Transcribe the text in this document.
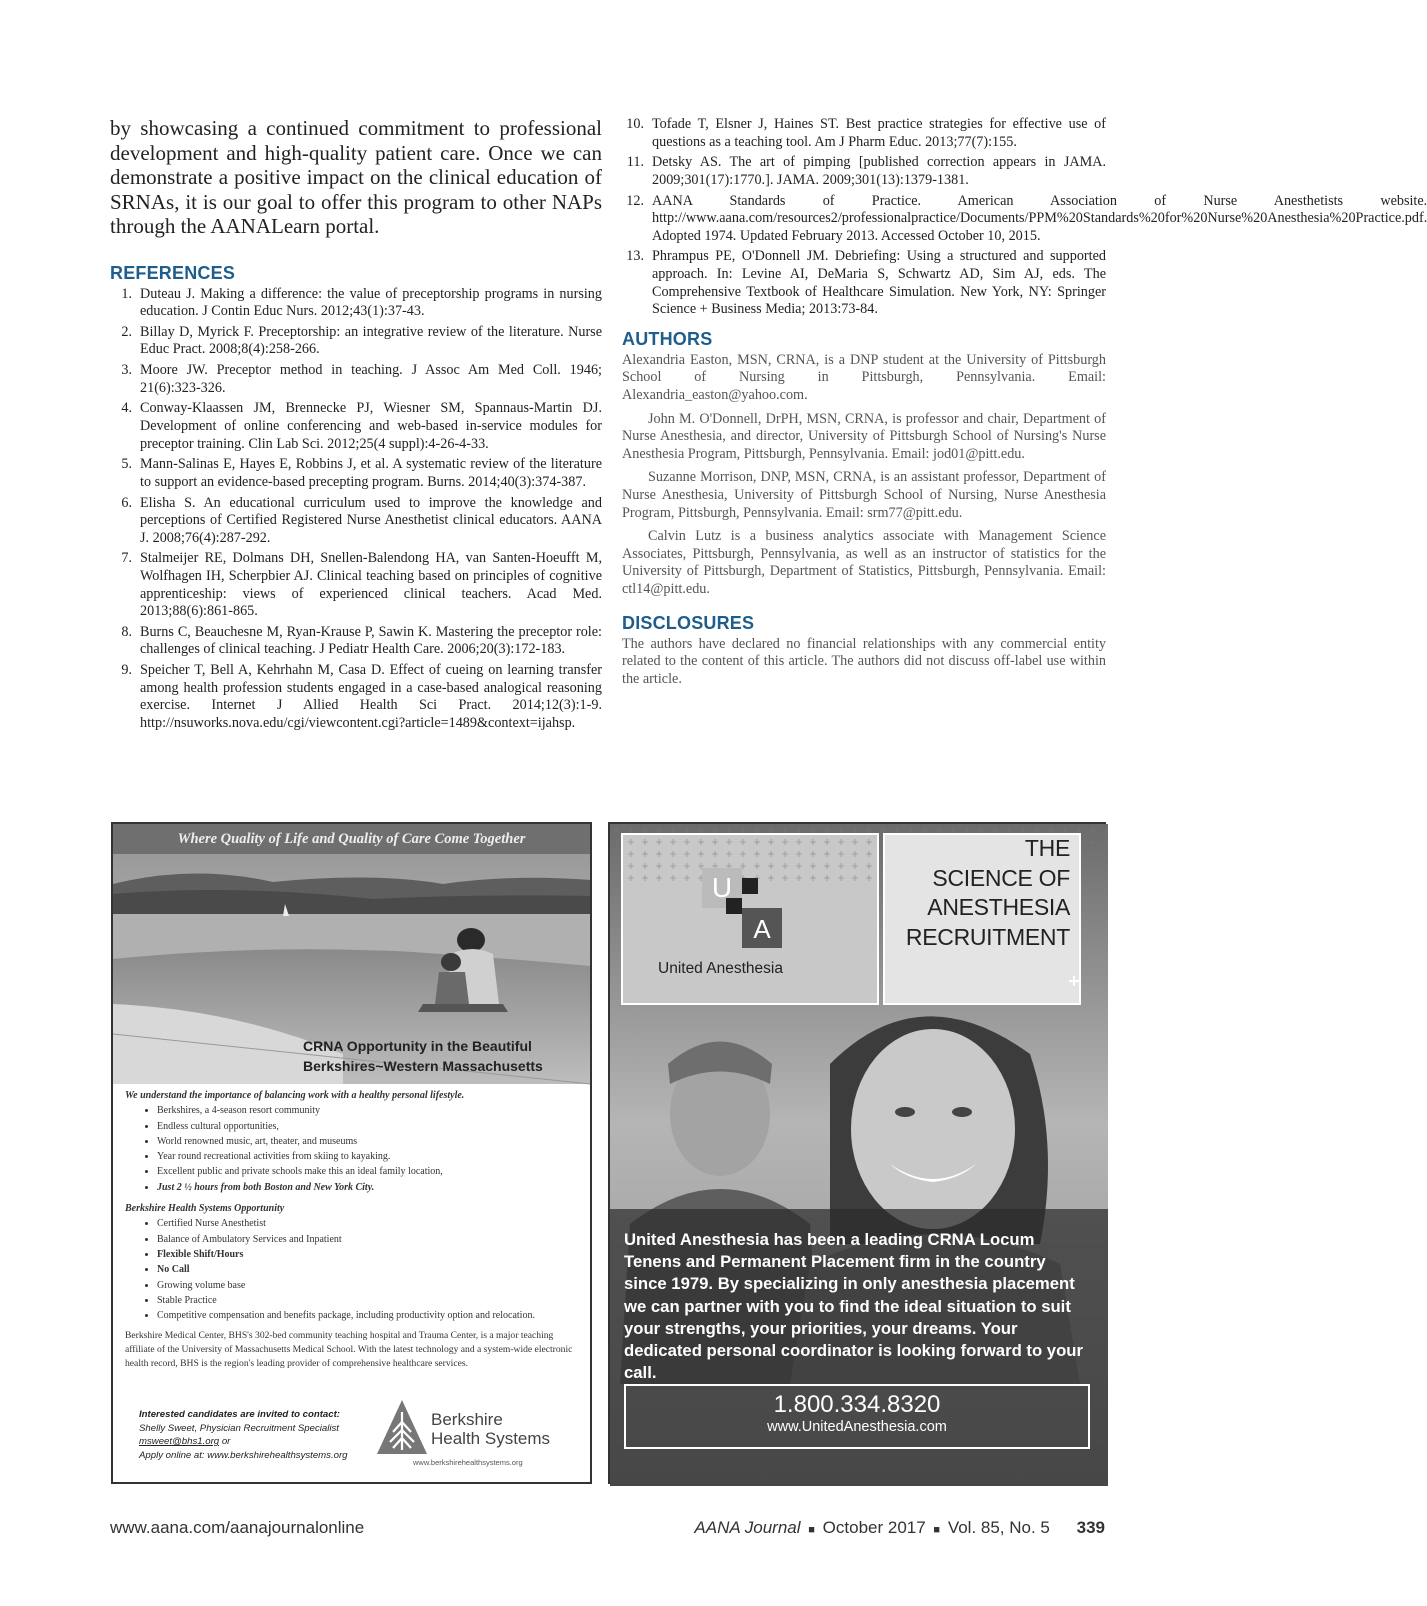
by showcasing a continued commitment to professional development and high-quality patient care. Once we can demonstrate a positive impact on the clinical education of SRNAs, it is our goal to offer this program to other NAPs through the AANALearn portal.

REFERENCES
1. Duteau J. Making a difference: the value of preceptorship programs in nursing education. J Contin Educ Nurs. 2012;43(1):37-43.
2. Billay D, Myrick F. Preceptorship: an integrative review of the literature. Nurse Educ Pract. 2008;8(4):258-266.
3. Moore JW. Preceptor method in teaching. J Assoc Am Med Coll. 1946; 21(6):323-326.
4. Conway-Klaassen JM, Brennecke PJ, Wiesner SM, Spannaus-Martin DJ. Development of online conferencing and web-based in-service modules for preceptor training. Clin Lab Sci. 2012;25(4 suppl):4-26-4-33.
5. Mann-Salinas E, Hayes E, Robbins J, et al. A systematic review of the literature to support an evidence-based precepting program. Burns. 2014;40(3):374-387.
6. Elisha S. An educational curriculum used to improve the knowledge and perceptions of Certified Registered Nurse Anesthetist clinical educators. AANA J. 2008;76(4):287-292.
7. Stalmeijer RE, Dolmans DH, Snellen-Balendong HA, van Santen-Hoeufft M, Wolfhagen IH, Scherpbier AJ. Clinical teaching based on principles of cognitive apprenticeship: views of experienced clinical teachers. Acad Med. 2013;88(6):861-865.
8. Burns C, Beauchesne M, Ryan-Krause P, Sawin K. Mastering the preceptor role: challenges of clinical teaching. J Pediatr Health Care. 2006;20(3):172-183.
9. Speicher T, Bell A, Kehrhahn M, Casa D. Effect of cueing on learning transfer among health profession students engaged in a case-based analogical reasoning exercise. Internet J Allied Health Sci Pract. 2014;12(3):1-9. http://nsuworks.nova.edu/cgi/viewcontent.cgi?article=1489&context=ijahsp.
10. Tofade T, Elsner J, Haines ST. Best practice strategies for effective use of questions as a teaching tool. Am J Pharm Educ. 2013;77(7):155.
11. Detsky AS. The art of pimping [published correction appears in JAMA. 2009;301(17):1770.]. JAMA. 2009;301(13):1379-1381.
12. AANA Standards of Practice. American Association of Nurse Anesthetists website. http://www.aana.com/resources2/professionalpractice/Documents/PPM%20Standards%20for%20Nurse%20Anesthesia%20Practice.pdf. Adopted 1974. Updated February 2013. Accessed October 10, 2015.
13. Phrampus PE, O'Donnell JM. Debriefing: Using a structured and supported approach. In: Levine AI, DeMaria S, Schwartz AD, Sim AJ, eds. The Comprehensive Textbook of Healthcare Simulation. New York, NY: Springer Science + Business Media; 2013:73-84.
AUTHORS

Alexandria Easton, MSN, CRNA, is a DNP student at the University of Pittsburgh School of Nursing in Pittsburgh, Pennsylvania. Email: Alexandria_easton@yahoo.com.

John M. O'Donnell, DrPH, MSN, CRNA, is professor and chair, Department of Nurse Anesthesia, and director, University of Pittsburgh School of Nursing's Nurse Anesthesia Program, Pittsburgh, Pennsylvania. Email: jod01@pitt.edu.

Suzanne Morrison, DNP, MSN, CRNA, is an assistant professor, Department of Nurse Anesthesia, University of Pittsburgh School of Nursing, Nurse Anesthesia Program, Pittsburgh, Pennsylvania. Email: srm77@pitt.edu.

Calvin Lutz is a business analytics associate with Management Science Associates, Pittsburgh, Pennsylvania, as well as an instructor of statistics for the University of Pittsburgh, Department of Statistics, Pittsburgh, Pennsylvania. Email: ctl14@pitt.edu.

DISCLOSURES

The authors have declared no financial relationships with any commercial entity related to the content of this article. The authors did not discuss off-label use within the article.

Where Quality of Life and Quality of Care Come Together
CRNA Opportunity in the Beautiful
Berkshires~Western Massachusetts
We understand the importance of balancing work with a healthy personal lifestyle.
• Berkshires, a 4-season resort community
• Endless cultural opportunities,
• World renowned music, art, theater, and museums
• Year round recreational activities from skiing to kayaking.
• Excellent public and private schools make this an ideal family location,
• Just 2 ½ hours from both Boston and New York City.
Berkshire Health Systems Opportunity
• Certified Nurse Anesthetist
• Balance of Ambulatory Services and Inpatient
• Flexible Shift/Hours
• No Call
• Growing volume base
• Stable Practice
• Competitive compensation and benefits package, including productivity option and relocation.
Berkshire Medical Center, BHS's 302-bed community teaching hospital and Trauma Center, is a major teaching affiliate of the University of Massachusetts Medical School. With the latest technology and a system-wide electronic health record, BHS is the region's leading provider of comprehensive healthcare services.
Interested candidates are invited to contact:
Shelly Sweet, Physician Recruitment Specialist
msweet@bhs1.org or
Apply online at: www.berkshirehealthsystems.org
Berkshire
Health Systems
www.berkshirehealthsystems.org
U
A
United Anesthesia
THE
SCIENCE OF
ANESTHESIA
RECRUITMENT
United Anesthesia has been a leading CRNA Locum Tenens and Permanent Placement firm in the country since 1979. By specializing in only anesthesia placement we can partner with you to find the ideal situation to suit your strengths, your priorities, your dreams. Your dedicated personal coordinator is looking forward to your call.
1.800.334.8320
www.UnitedAnesthesia.com
www.aana.com/aanajournalonline	AANA Journal ■ October 2017 ■ Vol. 85, No. 5 339
